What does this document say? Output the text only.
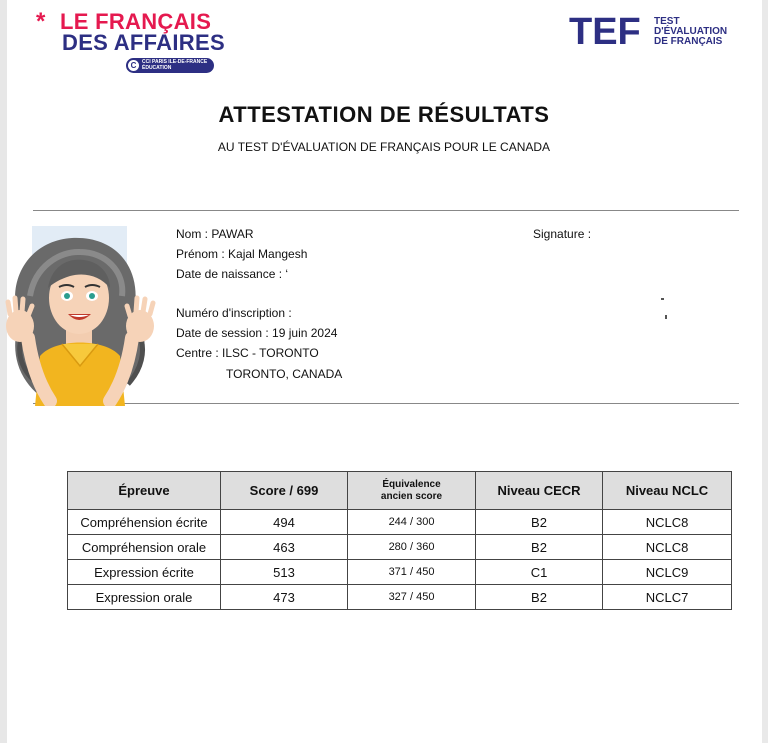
* LE FRANÇAIS
DES AFFAIRES
C	CCI PARIS ILE-DE-FRANCE
ÉDUCATION
TEF TEST
D'ÉVALUATION
DE FRANÇAIS
ATTESTATION DE RÉSULTATS
AU TEST D'ÉVALUATION DE FRANÇAIS POUR LE CANADA
Nom : PAWAR
Prénom : Kajal Mangesh
Date de naissance : ‘
Signature :
Numéro d'inscription :
Date de session : 19 juin 2024
Centre : ILSC - TORONTO
TORONTO, CANADA
Épreuve	Score / 699	Équivalence ancien score	Niveau CECR	Niveau NCLC
Compréhension écrite	494	244 / 300	B2	NCLC8
Compréhension orale	463	280 / 360	B2	NCLC8
Expression écrite	513	371 / 450	C1	NCLC9
Expression orale	473	327 / 450	B2	NCLC7
